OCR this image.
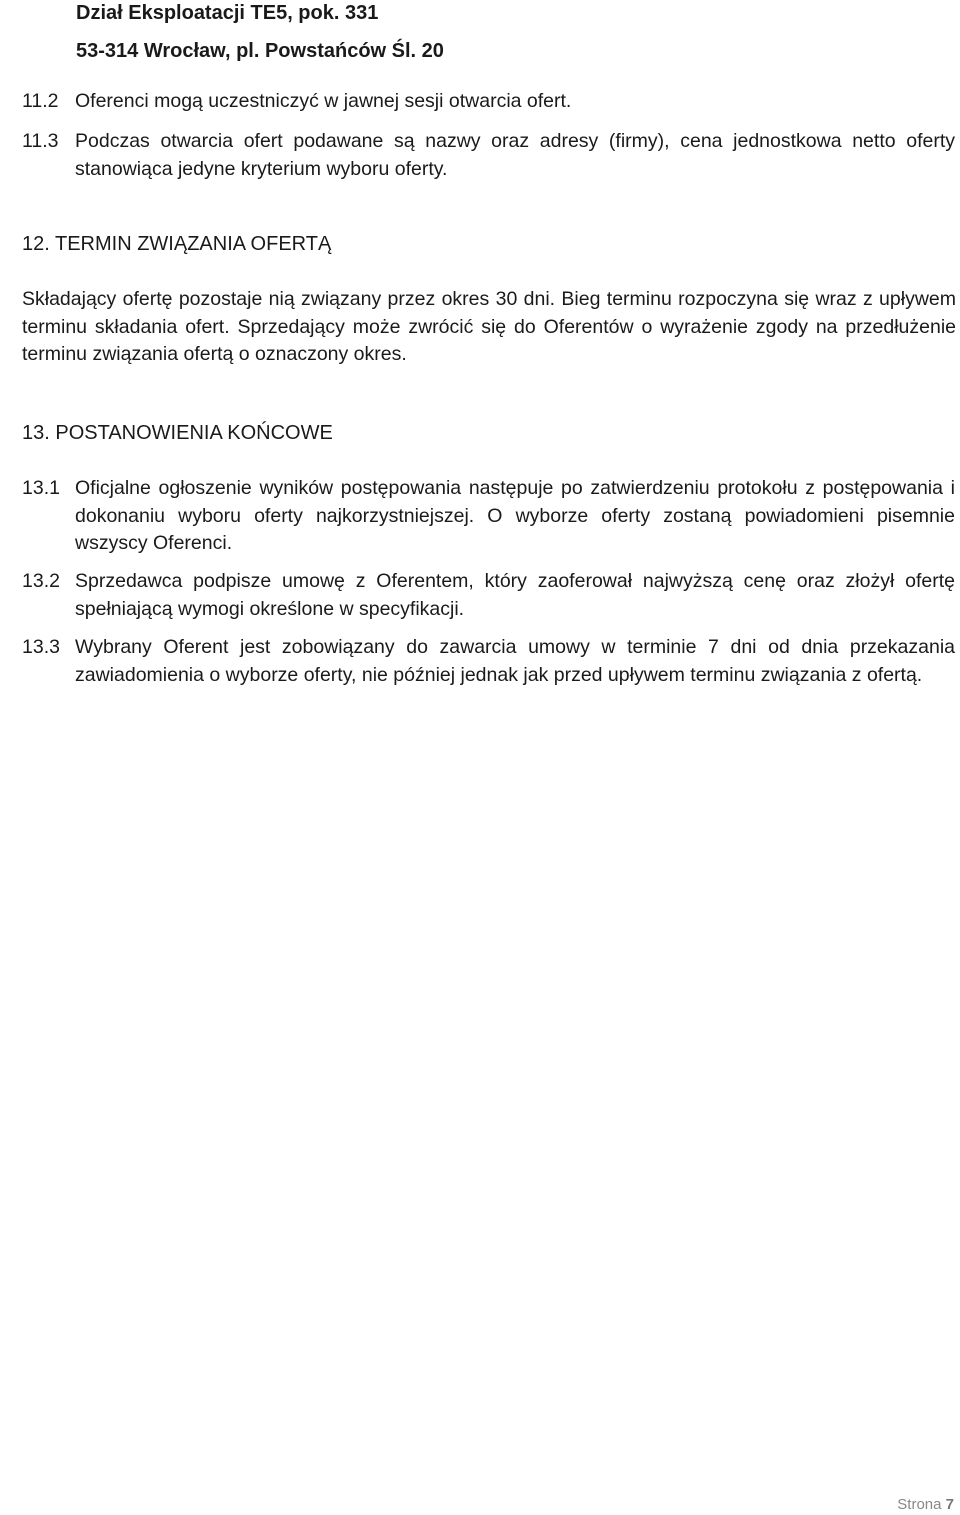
Dział Eksploatacji TE5, pok. 331
53-314 Wrocław, pl. Powstańców Śl. 20
11.2 Oferenci mogą uczestniczyć w jawnej sesji otwarcia ofert.
11.3 Podczas otwarcia ofert podawane są nazwy oraz adresy (firmy), cena jednostkowa netto oferty stanowiąca jedyne kryterium wyboru oferty.
12. TERMIN ZWIĄZANIA OFERTĄ
Składający ofertę pozostaje nią związany przez okres 30 dni. Bieg terminu rozpoczyna się wraz z upływem terminu składania ofert. Sprzedający może zwrócić się do Oferentów o wyrażenie zgody na przedłużenie terminu związania ofertą o oznaczony okres.
13. POSTANOWIENIA KOŃCOWE
13.1 Oficjalne ogłoszenie wyników postępowania następuje po zatwierdzeniu protokołu z postępowania i dokonaniu wyboru oferty najkorzystniejszej. O wyborze oferty zostaną powiadomieni pisemnie wszyscy Oferenci.
13.2 Sprzedawca podpisze umowę z Oferentem, który zaoferował najwyższą cenę oraz złożył ofertę spełniającą wymogi określone w specyfikacji.
13.3 Wybrany Oferent jest zobowiązany do zawarcia umowy w terminie 7 dni od dnia przekazania zawiadomienia o wyborze oferty, nie później jednak jak przed upływem terminu związania z ofertą.
Strona 7
